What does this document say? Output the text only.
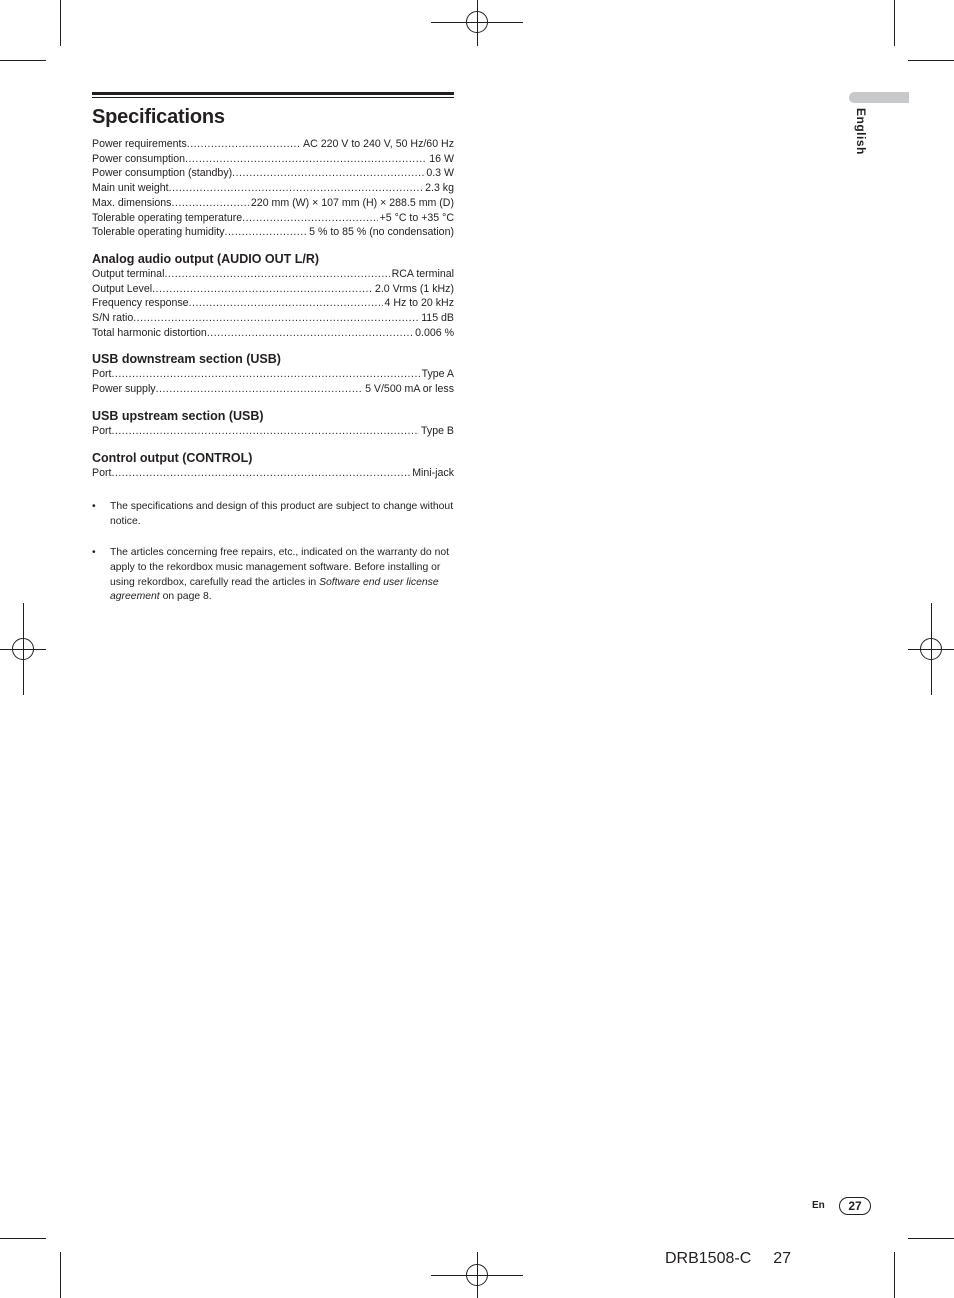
Specifications
Power requirements .....	AC 220 V to 240 V, 50 Hz/60 Hz
Power consumption .....	16 W
Power consumption (standby) .....	0.3 W
Main unit weight .....	2.3 kg
Max. dimensions .....	220 mm (W) × 107 mm (H) × 288.5 mm (D)
Tolerable operating temperature .....	+5 °C to +35 °C
Tolerable operating humidity .....	5 % to 85 % (no condensation)
Analog audio output (AUDIO OUT L/R)
Output terminal .....	RCA terminal
Output Level .....	2.0 Vrms (1 kHz)
Frequency response .....	4 Hz to 20 kHz
S/N ratio .....	115 dB
Total harmonic distortion .....	0.006 %
USB downstream section (USB)
Port .....	Type A
Power supply .....	5 V/500 mA or less
USB upstream section (USB)
Port .....	Type B
Control output (CONTROL)
Port .....	Mini-jack
•	The specifications and design of this product are subject to change without notice.
•	The articles concerning free repairs, etc., indicated on the warranty do not apply to the rekordbox music management software. Before installing or using rekordbox, carefully read the articles in Software end user license agreement on page 8.
English
En	27
DRB1508-C 27
